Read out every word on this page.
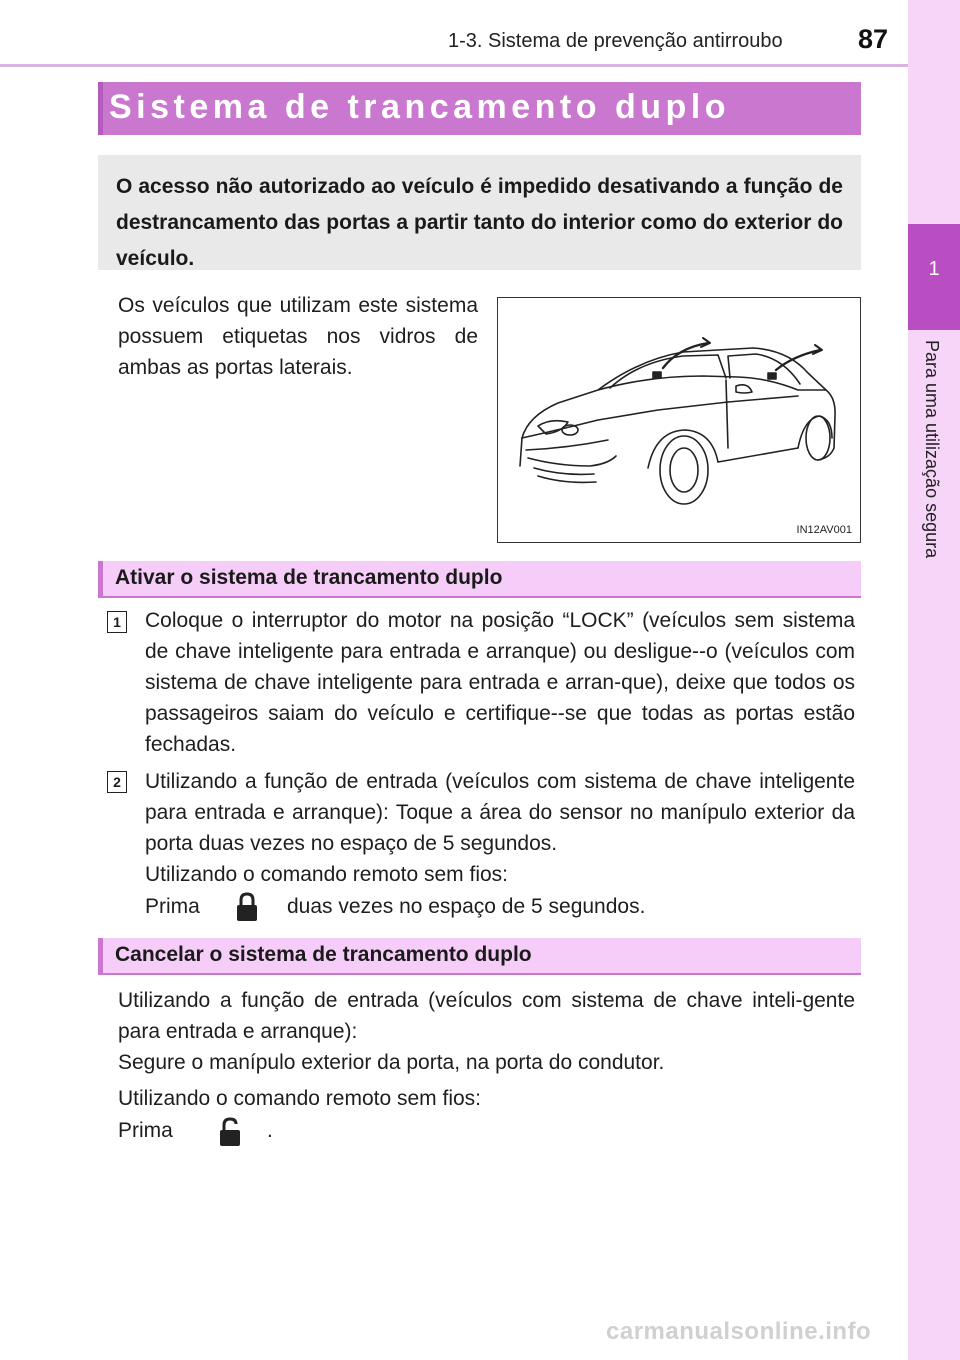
1-3. Sistema de prevenção antirroubo	87
1
Para uma utilização segura
Sistema de trancamento duplo
O acesso não autorizado ao veículo é impedido desativando a função de destrancamento das portas a partir tanto do interior como do exterior do veículo.
Os veículos que utilizam este sistema possuem etiquetas nos vidros de ambas as portas laterais.
IN12AV001
Ativar o sistema de trancamento duplo
1 Coloque o interruptor do motor na posição “LOCK” (veículos sem sistema de chave inteligente para entrada e arranque) ou desligue--o (veículos com sistema de chave inteligente para entrada e arran-que), deixe que todos os passageiros saiam do veículo e certifique--se que todas as portas estão fechadas.
2 Utilizando a função de entrada (veículos com sistema de chave inteligente para entrada e arranque): Toque a área do sensor no manípulo exterior da porta duas vezes no espaço de 5 segundos.
Utilizando o comando remoto sem fios:
Prima	duas vezes no espaço de 5 segundos.
Cancelar o sistema de trancamento duplo
Utilizando a função de entrada (veículos com sistema de chave inteli-gente para entrada e arranque):
Segure o manípulo exterior da porta, na porta do condutor.
Utilizando o comando remoto sem fios:
Prima	.
carmanualsonline.info
